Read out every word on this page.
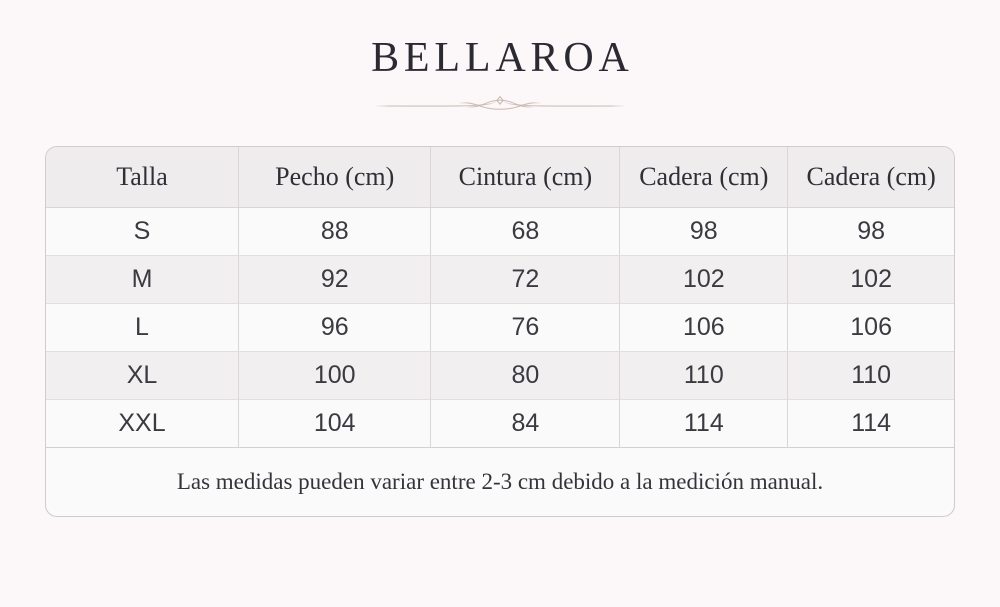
BELLAROA
Talla	Pecho (cm)	Cintura (cm)	Cadera (cm)	Cadera (cm)
S	88	68	98	98
M	92	72	102	102
L	96	76	106	106
XL	100	80	110	110
XXL	104	84	114	114
Las medidas pueden variar entre 2-3 cm debido a la medición manual.				
